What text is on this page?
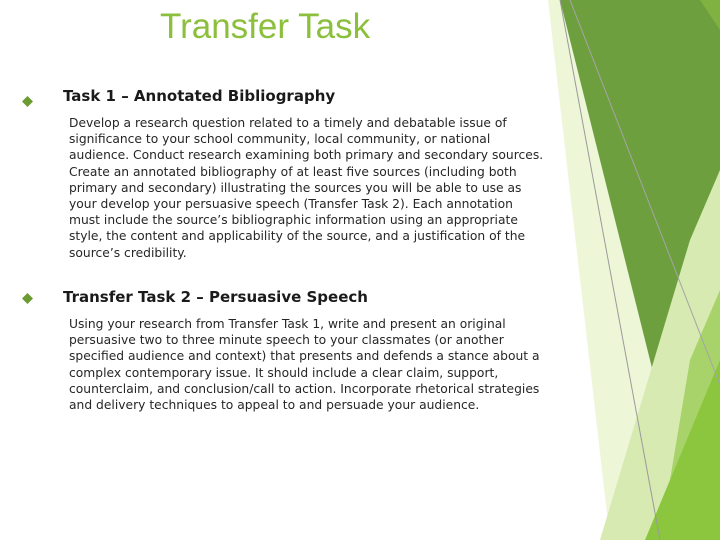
Transfer Task
Task 1 – Annotated Bibliography
Develop a research question related to a timely and debatable issue of significance to your school community, local community, or national audience. Conduct research examining both primary and secondary sources. Create an annotated bibliography of at least five sources (including both primary and secondary) illustrating the sources you will be able to use as your develop your persuasive speech (Transfer Task 2). Each annotation must include the source’s bibliographic information using an appropriate style, the content and applicability of the source, and a justification of the source’s credibility.
Transfer Task 2 – Persuasive Speech
Using your research from Transfer Task 1, write and present an original persuasive two to three minute speech to your classmates (or another specified audience and context) that presents and defends a stance about a complex contemporary issue. It should include a clear claim, support, counterclaim, and conclusion/call to action. Incorporate rhetorical strategies and delivery techniques to appeal to and persuade your audience.
